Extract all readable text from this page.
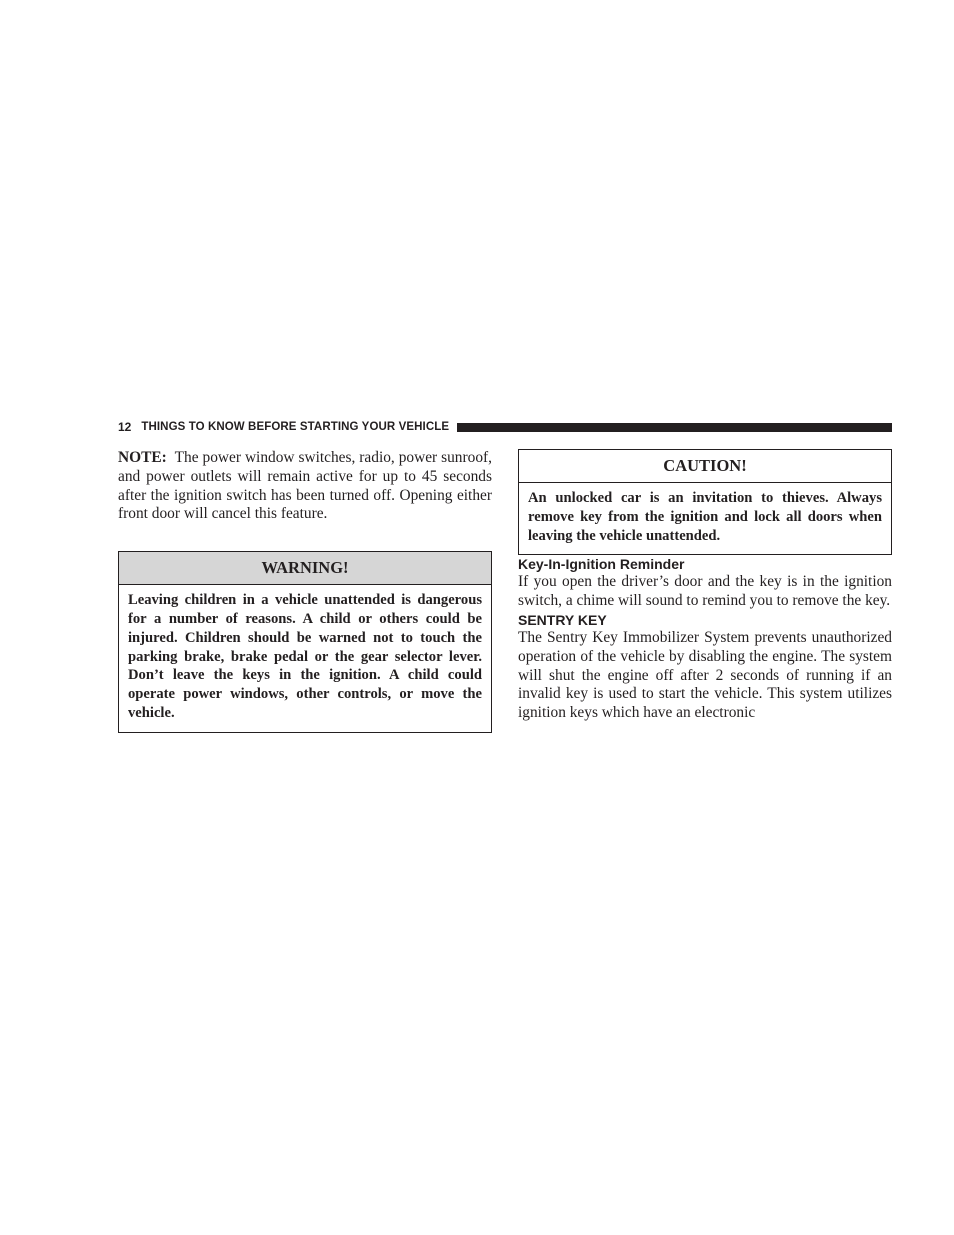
12 THINGS TO KNOW BEFORE STARTING YOUR VEHICLE

NOTE: The power window switches, radio, power sunroof, and power outlets will remain active for up to 45 seconds after the ignition switch has been turned off. Opening either front door will cancel this feature.

WARNING!
Leaving children in a vehicle unattended is dangerous for a number of reasons. A child or others could be injured. Children should be warned not to touch the parking brake, brake pedal or the gear selector lever. Don’t leave the keys in the ignition. A child could operate power windows, other controls, or move the vehicle.
CAUTION!
An unlocked car is an invitation to thieves. Always remove key from the ignition and lock all doors when leaving the vehicle unattended.
Key-In-Ignition Reminder

If you open the driver’s door and the key is in the ignition switch, a chime will sound to remind you to remove the key.

SENTRY KEY

The Sentry Key Immobilizer System prevents unauthorized operation of the vehicle by disabling the engine. The system will shut the engine off after 2 seconds of running if an invalid key is used to start the vehicle. This system utilizes ignition keys which have an electronic
